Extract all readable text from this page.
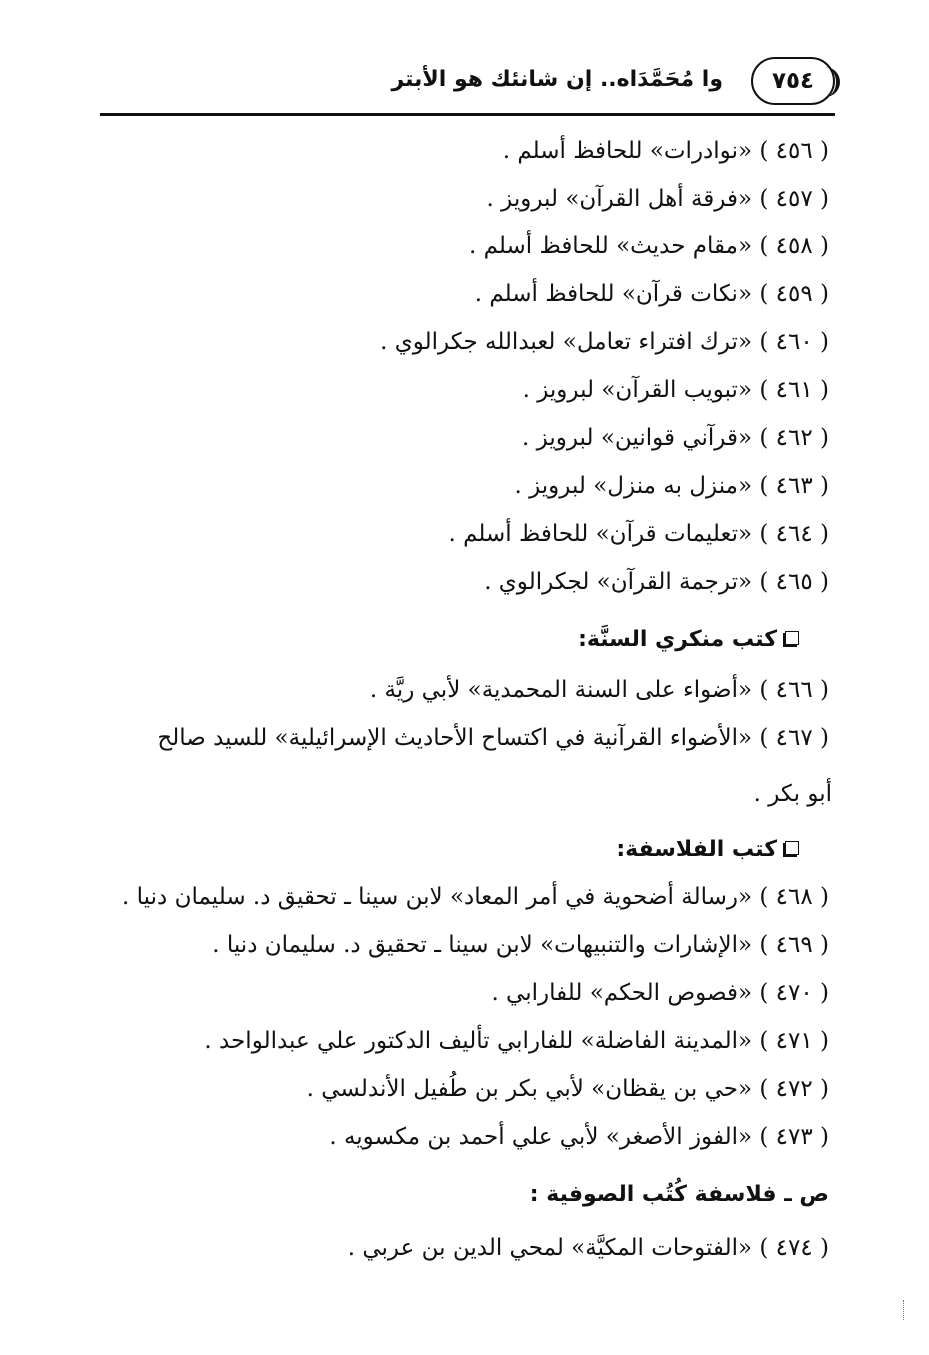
٧٥٤
وا مُحَمَّدَاه.. إن شانئك هو الأبتر
( ٤٥٦ ) «نوادرات» للحافظ أسلم .
( ٤٥٧ ) «فرقة أهل القرآن» لبرويز .
( ٤٥٨ ) «مقام حديث» للحافظ أسلم .
( ٤٥٩ ) «نكات قرآن» للحافظ أسلم .
( ٤٦٠ ) «ترك افتراء تعامل» لعبدالله جكرالوي .
( ٤٦١ ) «تبويب القرآن» لبرويز .
( ٤٦٢ ) «قرآني قوانين» لبرويز .
( ٤٦٣ ) «منزل به منزل» لبرويز .
( ٤٦٤ ) «تعليمات قرآن» للحافظ أسلم .
( ٤٦٥ ) «ترجمة القرآن» لجكرالوي .
كتب منكري السنَّة:
( ٤٦٦ ) «أضواء على السنة المحمدية» لأبي ريَّة .
( ٤٦٧ ) «الأضواء القرآنية في اكتساح الأحاديث الإسرائيلية» للسيد صالح
أبو بكر .
كتب الفلاسفة:
( ٤٦٨ ) «رسالة أضحوية في أمر المعاد» لابن سينا ـ تحقيق د. سليمان دنيا .
( ٤٦٩ ) «الإشارات والتنبيهات» لابن سينا ـ تحقيق د. سليمان دنيا .
( ٤٧٠ ) «فصوص الحكم» للفارابي .
( ٤٧١ ) «المدينة الفاضلة» للفارابي تأليف الدكتور علي عبدالواحد .
( ٤٧٢ ) «حي بن يقظان» لأبي بكر بن طُفيل الأندلسي .
( ٤٧٣ ) «الفوز الأصغر» لأبي علي أحمد بن مكسويه .
ص ـ فلاسفة كُتُب الصوفية :
( ٤٧٤ ) «الفتوحات المكيَّة» لمحي الدين بن عربي .
